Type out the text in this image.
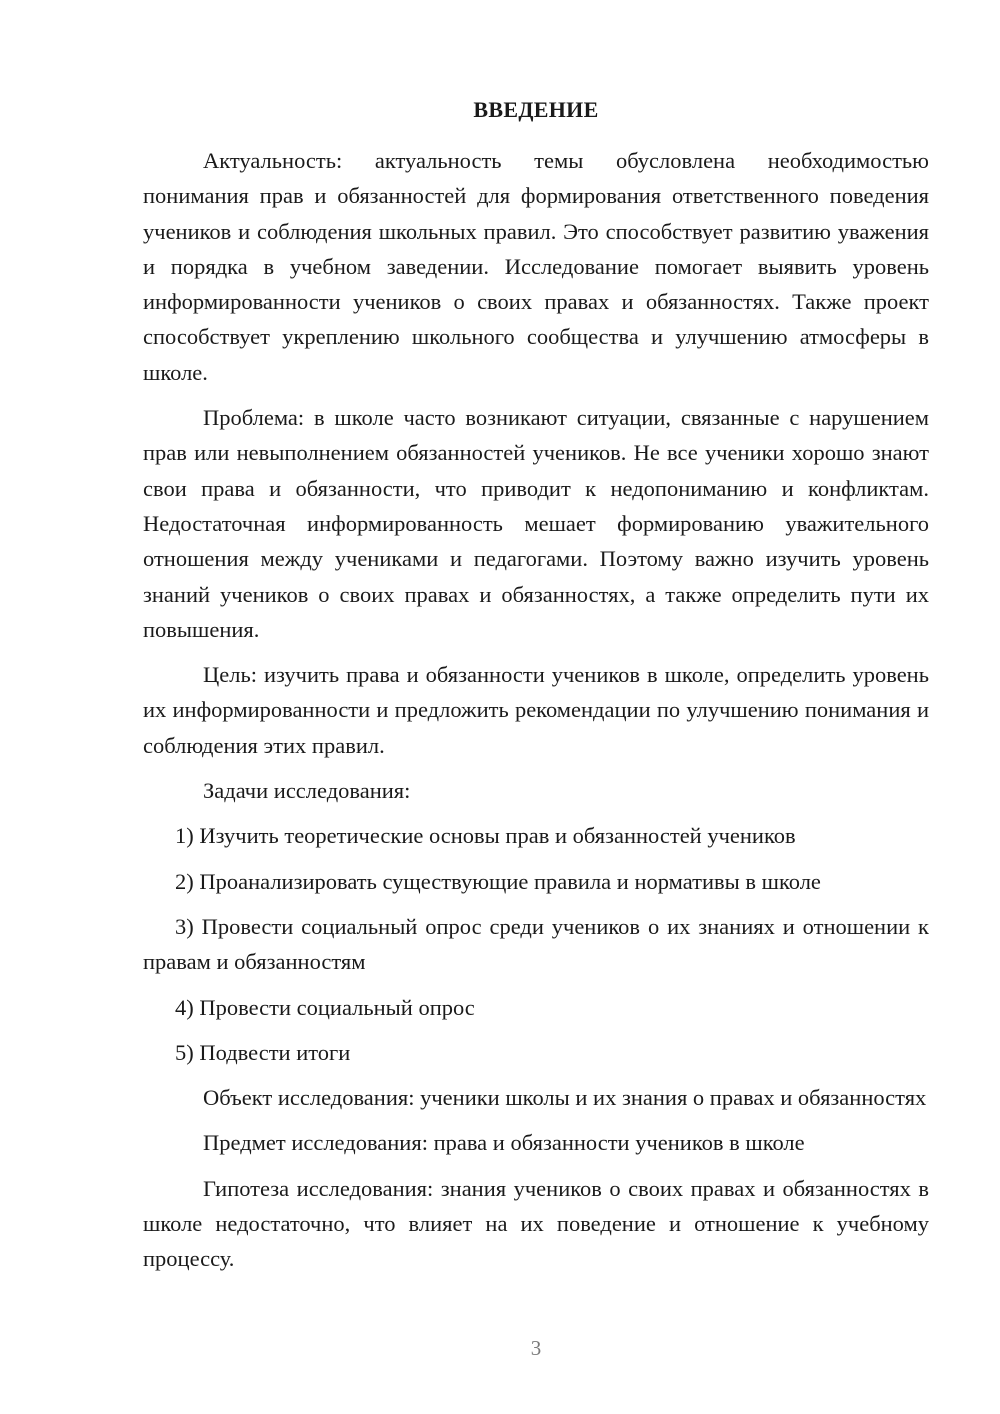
ВВЕДЕНИЕ

Актуальность: актуальность темы обусловлена необходимостью понимания прав и обязанностей для формирования ответственного поведения учеников и соблюдения школьных правил. Это способствует развитию уважения и порядка в учебном заведении. Исследование помогает выявить уровень информированности учеников о своих правах и обязанностях. Также проект способствует укреплению школьного сообщества и улучшению атмосферы в школе.

Проблема: в школе часто возникают ситуации, связанные с нарушением прав или невыполнением обязанностей учеников. Не все ученики хорошо знают свои права и обязанности, что приводит к недопониманию и конфликтам. Недостаточная информированность мешает формированию уважительного отношения между учениками и педагогами. Поэтому важно изучить уровень знаний учеников о своих правах и обязанностях, а также определить пути их повышения.

Цель: изучить права и обязанности учеников в школе, определить уровень их информированности и предложить рекомендации по улучшению понимания и соблюдения этих правил.

Задачи исследования:

1) Изучить теоретические основы прав и обязанностей учеников

2) Проанализировать существующие правила и нормативы в школе

3) Провести социальный опрос среди учеников о их знаниях и отношении к правам и обязанностям

4) Провести социальный опрос

5) Подвести итоги

Объект исследования: ученики школы и их знания о правах и обязанностях

Предмет исследования: права и обязанности учеников в школе

Гипотеза исследования: знания учеников о своих правах и обязанностях в школе недостаточно, что влияет на их поведение и отношение к учебному процессу.

3
